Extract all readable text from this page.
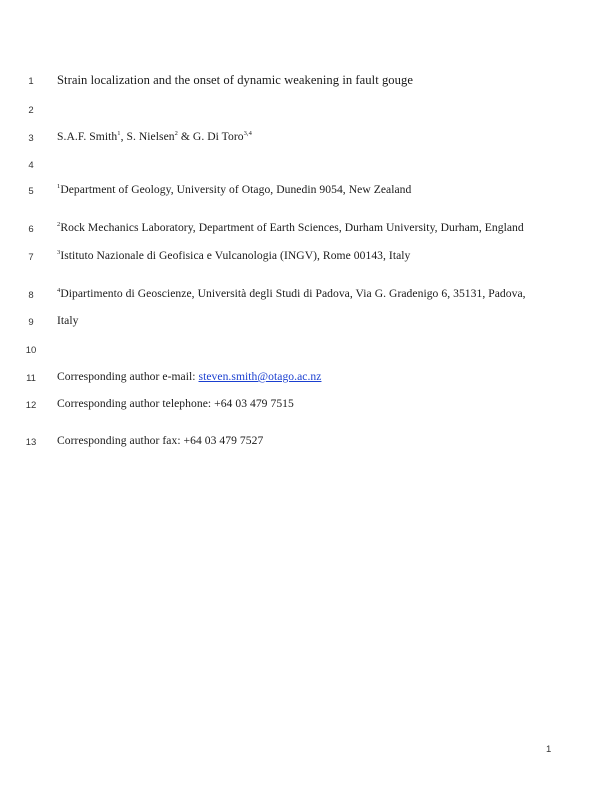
1	Strain localization and the onset of dynamic weakening in fault gouge
2
3	S.A.F. Smith$^1$, S. Nielsen$^2$ & G. Di Toro$^{3,4}$
4
5	$^1$Department of Geology, University of Otago, Dunedin 9054, New Zealand
6	$^2$Rock Mechanics Laboratory, Department of Earth Sciences, Durham University, Durham, England
7	$^3$Istituto Nazionale di Geofisica e Vulcanologia (INGV), Rome 00143, Italy
8	$^4$Dipartimento di Geoscienze, Università degli Studi di Padova, Via G. Gradenigo 6, 35131, Padova,
9	Italy
10
11	Corresponding author e-mail: steven.smith@otago.ac.nz
12	Corresponding author telephone: +64 03 479 7515
13	Corresponding author fax: +64 03 479 7527
1
